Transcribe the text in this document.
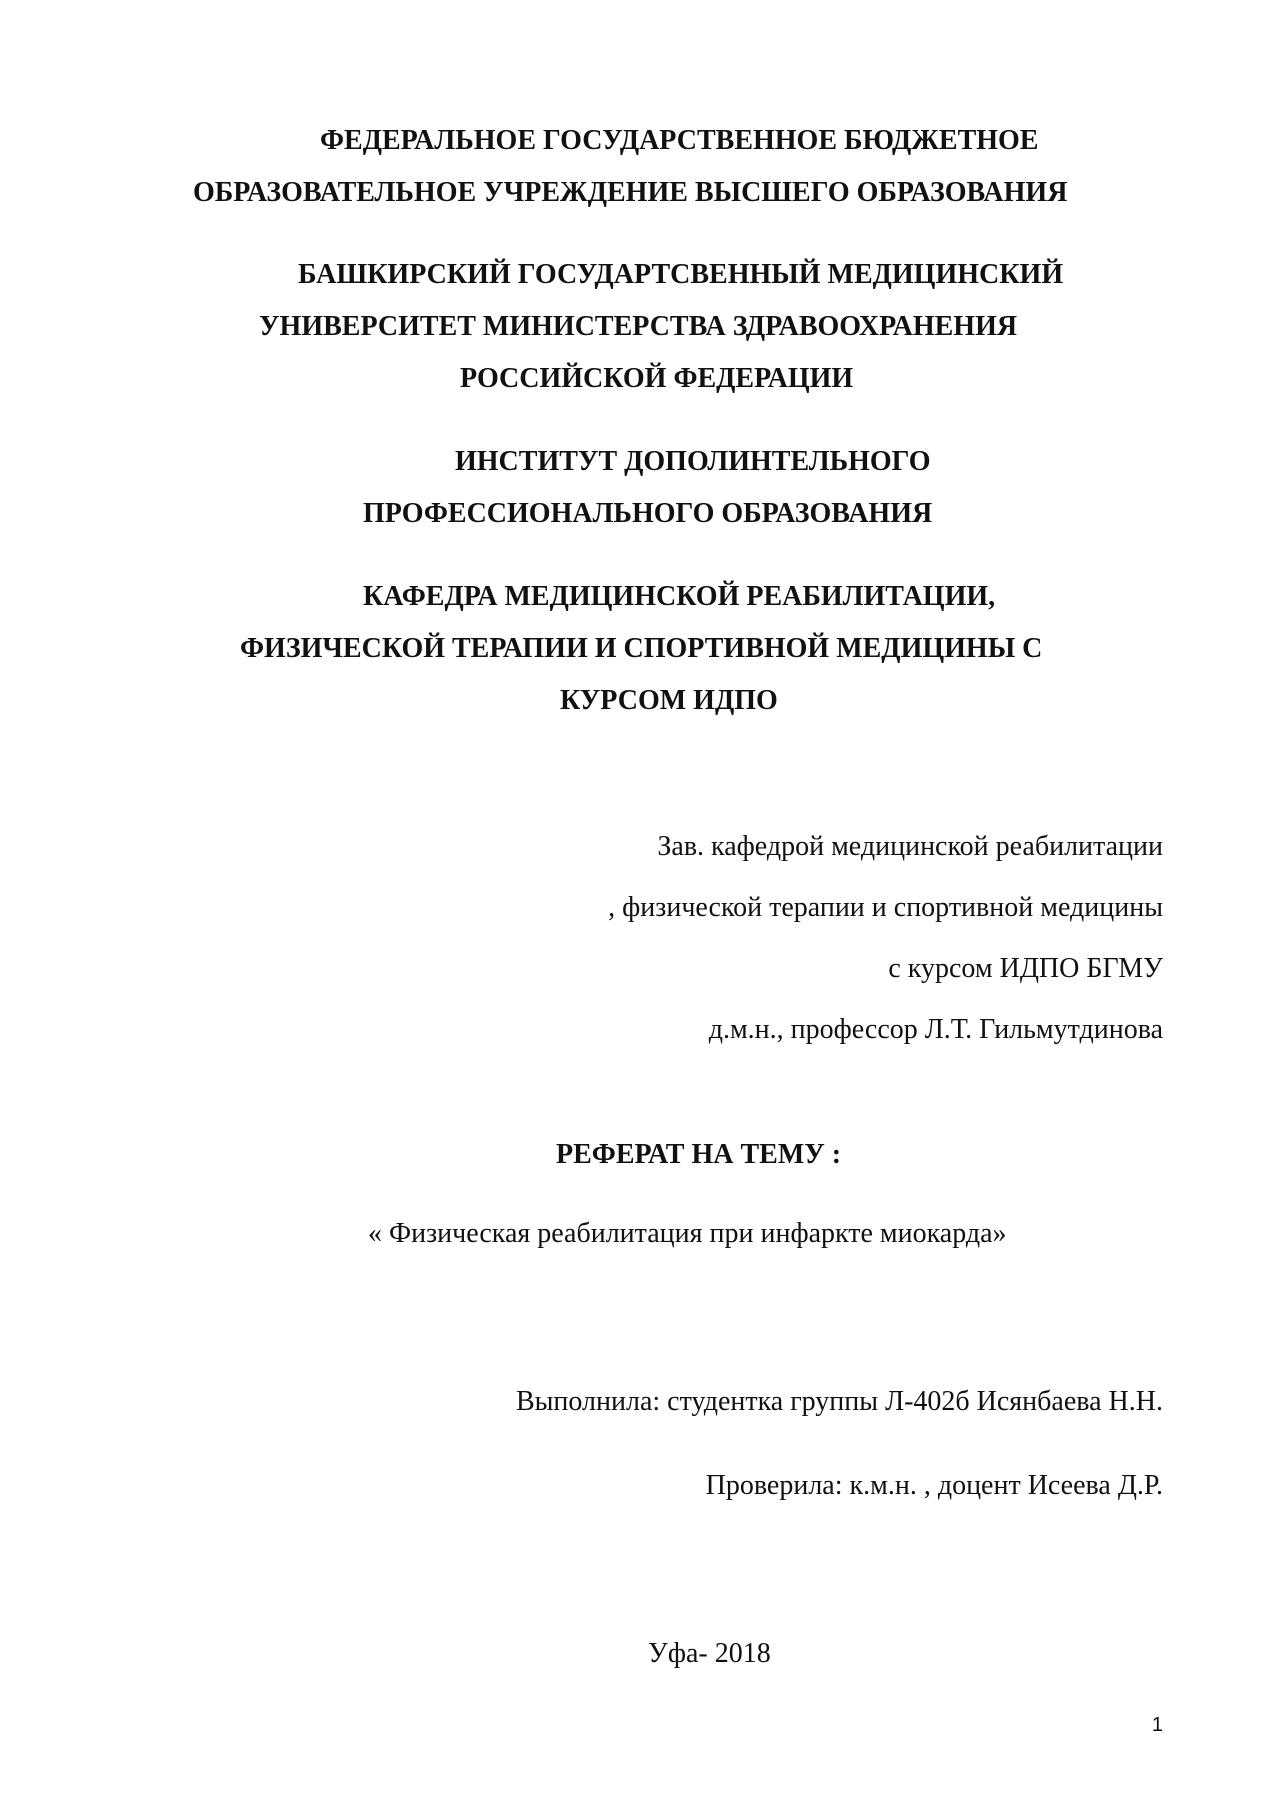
ФЕДЕРАЛЬНОЕ ГОСУДАРСТВЕННОЕ БЮДЖЕТНОЕ

ОБРАЗОВАТЕЛЬНОЕ УЧРЕЖДЕНИЕ ВЫСШЕГО ОБРАЗОВАНИЯ

БАШКИРСКИЙ ГОСУДАРТСВЕННЫЙ МЕДИЦИНСКИЙ

УНИВЕРСИТЕТ МИНИСТЕРСТВА ЗДРАВООХРАНЕНИЯ

РОССИЙСКОЙ ФЕДЕРАЦИИ

ИНСТИТУТ ДОПОЛИНТЕЛЬНОГО

ПРОФЕССИОНАЛЬНОГО ОБРАЗОВАНИЯ

КАФЕДРА МЕДИЦИНСКОЙ РЕАБИЛИТАЦИИ,

ФИЗИЧЕСКОЙ ТЕРАПИИ И СПОРТИВНОЙ МЕДИЦИНЫ С

КУРСОМ ИДПО

Зав. кафедрой медицинской реабилитации

, физической терапии и спортивной медицины

с курсом ИДПО БГМУ

д.м.н., профессор Л.Т. Гильмутдинова

РЕФЕРАТ НА ТЕМУ :

« Физическая реабилитация при инфаркте миокарда»

Выполнила: студентка группы Л-402б Исянбаева Н.Н.

Проверила: к.м.н. , доцент Исеева Д.Р.

Уфа- 2018

1
